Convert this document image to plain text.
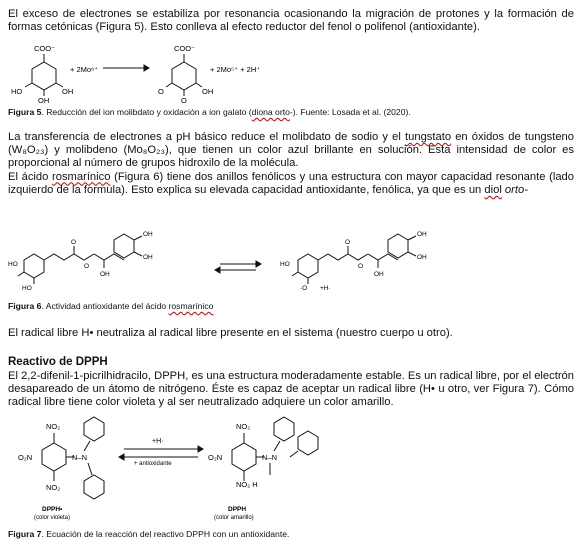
El exceso de electrones se estabiliza por resonancia ocasionando la migración de protones y la formación de formas cetónicas (Figura 5). Esto conlleva al efecto reductor del fenol o polifenol (antioxidante).

COO⁻
HO	OH
OH
+ 2Mo⁶⁺
COO⁻
O	OH
O
+ 2Mo⁵⁺ + 2H⁺
Figura 5. Reducción del ion molibdato y oxidación a ion galato (diona orto-). Fuente: Losada et al. (2020).

La transferencia de electrones a pH básico reduce el molibdato de sodio y el tungstato en óxidos de tungsteno (W₈O₂₃) y molibdeno (Mo₈O₂₃), que tienen un color azul brillante en solución. Esta intensidad de color es proporcional al número de grupos hidroxilo de la molécula.
El ácido rosmarínico (Figura 6) tiene dos anillos fenólicos y una estructura con mayor capacidad resonante (lado izquierdo de la formula). Esto explica su elevada capacidad antioxidante, fenólica, ya que es un diol orto-

OH
OH
HO
HO
O
O
OH
OH
OH
HO
O
O
OH
·O +H·
Figura 6. Actividad antioxidante del ácido rosmarínico

El radical libre H• neutraliza al radical libre presente en el sistema (nuestro cuerpo u otro).

Reactivo de DPPH

El 2,2-difenil-1-picrilhidracilo, DPPH, es una estructura moderadamente estable. Es un radical libre, por el electrón desapareado de un átomo de nitrógeno. Éste es capaz de aceptar un radical libre (H• u otro, ver Figura 7). Cómo radical libre tiene color violeta y al ser neutralizado adquiere un color amarillo.

NO₂
O₂N	N–N
NO₂
+H·
+ antioxidante
NO₂
O₂N	N–N
NO₂ H
DPPH•
(color violeta)
DPPH
(color amarillo)
Figura 7. Ecuación de la reacción del reactivo DPPH con un antioxidante.
